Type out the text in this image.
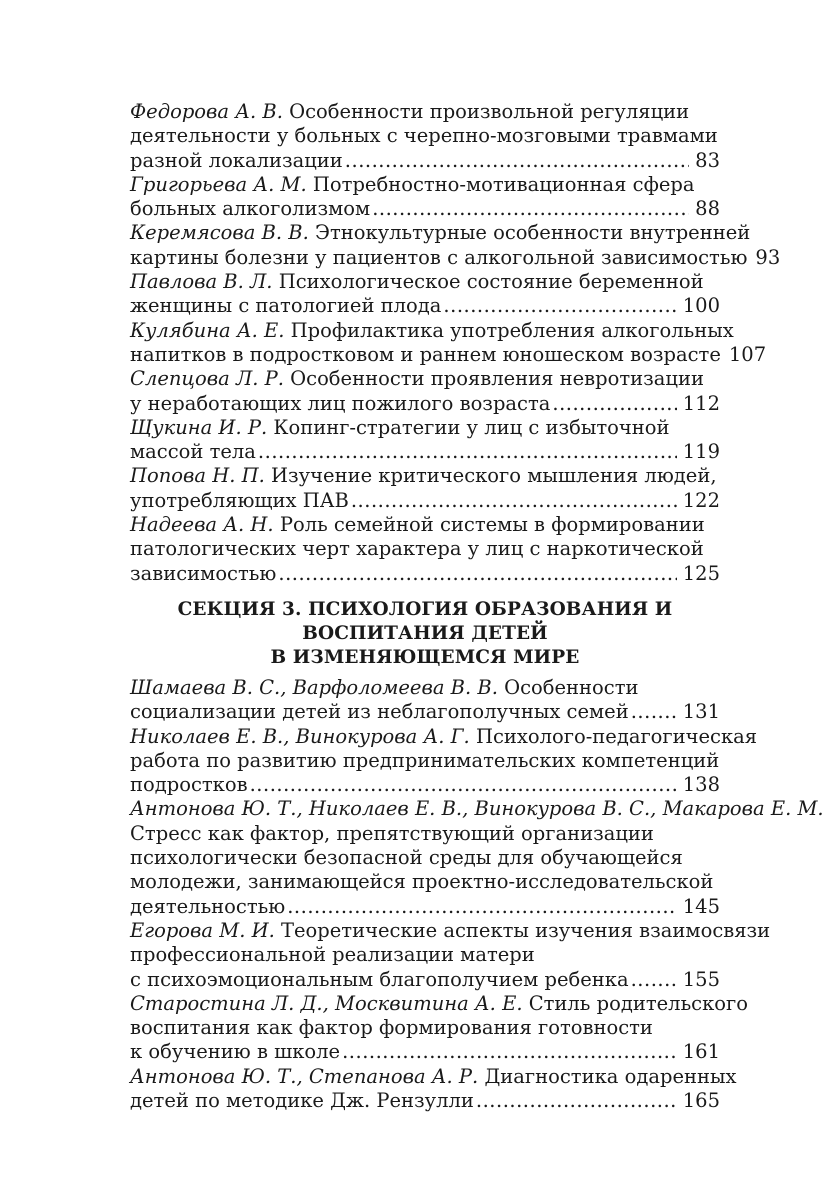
Федорова А. В. Особенности произвольной регуляции
деятельности у больных с черепно-мозговыми травмами
разной локализации .....	83
Григорьева А. М. Потребностно-мотивационная сфера
больных алкоголизмом .....	88
Керемясова В. В. Этнокультурные особенности внутренней
картины болезни у пациентов с алкогольной зависимостью 93
Павлова В. Л. Психологическое состояние беременной
женщины с патологией плода .....	100
Кулябина А. Е. Профилактика употребления алкогольных
напитков в подростковом и раннем юношеском возрасте 107
Слепцова Л. Р. Особенности проявления невротизации
у неработающих лиц пожилого возраста .....	112
Щукина И. Р. Копинг-стратегии у лиц с избыточной
массой тела .....	119
Попова Н. П. Изучение критического мышления людей,
употребляющих ПАВ .....	122
Надеева А. Н. Роль семейной системы в формировании
патологических черт характера у лиц с наркотической
зависимостью .....	125
СЕКЦИЯ 3. ПСИХОЛОГИЯ ОБРАЗОВАНИЯ И ВОСПИТАНИЯ ДЕТЕЙ
В ИЗМЕНЯЮЩЕМСЯ МИРЕ
Шамаева В. С., Варфоломеева В. В. Особенности
социализации детей из неблагополучных семей .....	131
Николаев Е. В., Винокурова А. Г. Психолого-педагогическая
работа по развитию предпринимательских компетенций
подростков .....	138
Антонова Ю. Т., Николаев Е. В., Винокурова В. С., Макарова Е. М.
Стресс как фактор, препятствующий организации
психологически безопасной среды для обучающейся
молодежи, занимающейся проектно-исследовательской
деятельностью .....	145
Егорова М. И. Теоретические аспекты изучения взаимосвязи
профессиональной реализации матери
с психоэмоциональным благополучием ребенка .....	155
Старостина Л. Д., Москвитина А. Е. Стиль родительского
воспитания как фактор формирования готовности
к обучению в школе .....	161
Антонова Ю. Т., Степанова А. Р. Диагностика одаренных
детей по методике Дж. Рензулли .....	165
